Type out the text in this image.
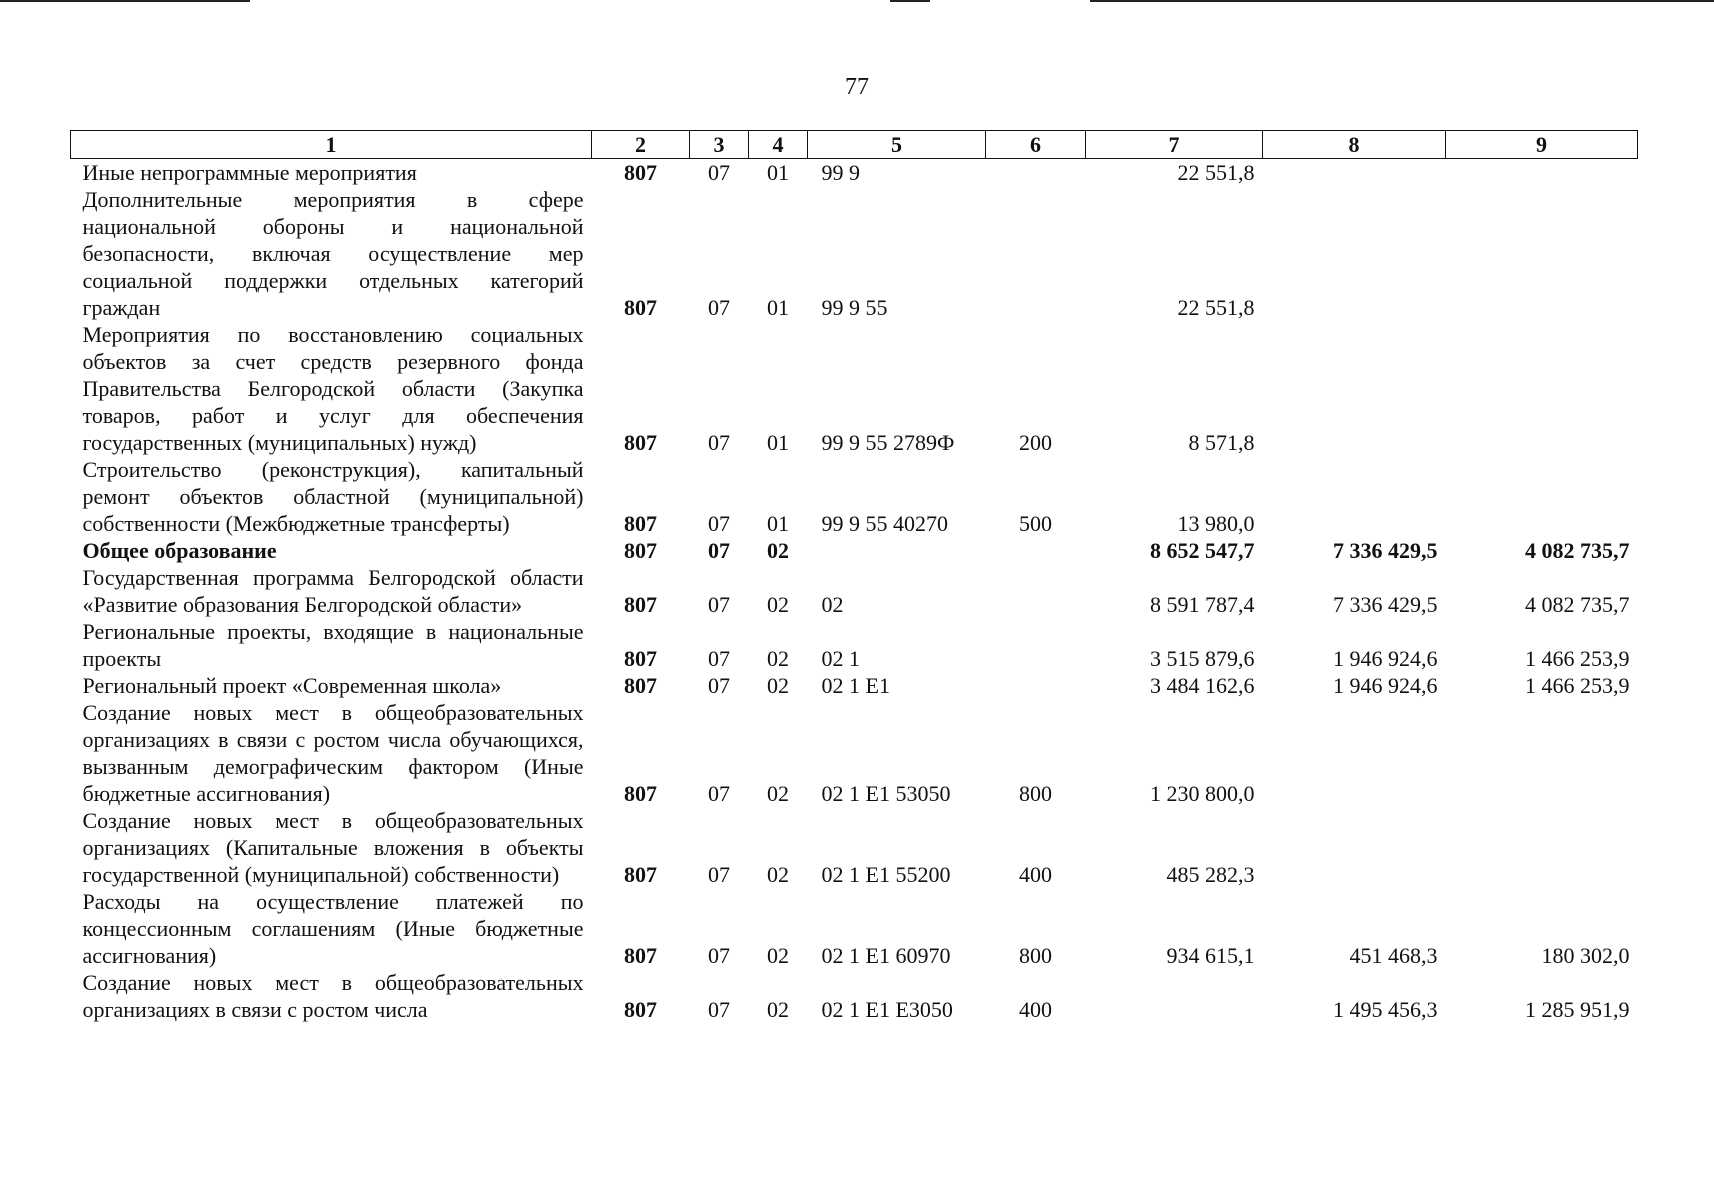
77
1	2	3	4	5	6	7	8	9
Иные непрограммные мероприятия	807	07	01	99 9		22 551,8		
Дополнительные мероприятия в сфере национальной обороны и национальной безопасности, включая осуществление мер социальной поддержки отдельных категорий граждан	807	07	01	99 9 55		22 551,8		
Мероприятия по восстановлению социальных объектов за счет средств резервного фонда Правительства Белгородской области (Закупка товаров, работ и услуг для обеспечения государственных (муниципальных) нужд)	807	07	01	99 9 55 2789Ф	200	8 571,8		
Строительство (реконструкция), капитальный ремонт объектов областной (муниципальной) собственности (Межбюджетные трансферты)	807	07	01	99 9 55 40270	500	13 980,0		
Общее образование	807	07	02			8 652 547,7	7 336 429,5	4 082 735,7
Государственная программа Белгородской области «Развитие образования Белгородской области»	807	07	02	02		8 591 787,4	7 336 429,5	4 082 735,7
Региональные проекты, входящие в национальные проекты	807	07	02	02 1		3 515 879,6	1 946 924,6	1 466 253,9
Региональный проект «Современная школа»	807	07	02	02 1 E1		3 484 162,6	1 946 924,6	1 466 253,9
Создание новых мест в общеобразовательных организациях в связи с ростом числа обучающихся, вызванным демографическим фактором (Иные бюджетные ассигнования)	807	07	02	02 1 E1 53050	800	1 230 800,0		
Создание новых мест в общеобразовательных организациях (Капитальные вложения в объекты государственной (муниципальной) собственности)	807	07	02	02 1 E1 55200	400	485 282,3		
Расходы на осуществление платежей по концессионным соглашениям (Иные бюджетные ассигнования)	807	07	02	02 1 E1 60970	800	934 615,1	451 468,3	180 302,0
Создание новых мест в общеобразовательных организациях в связи с ростом числа	807	07	02	02 1 E1 E3050	400		1 495 456,3	1 285 951,9
